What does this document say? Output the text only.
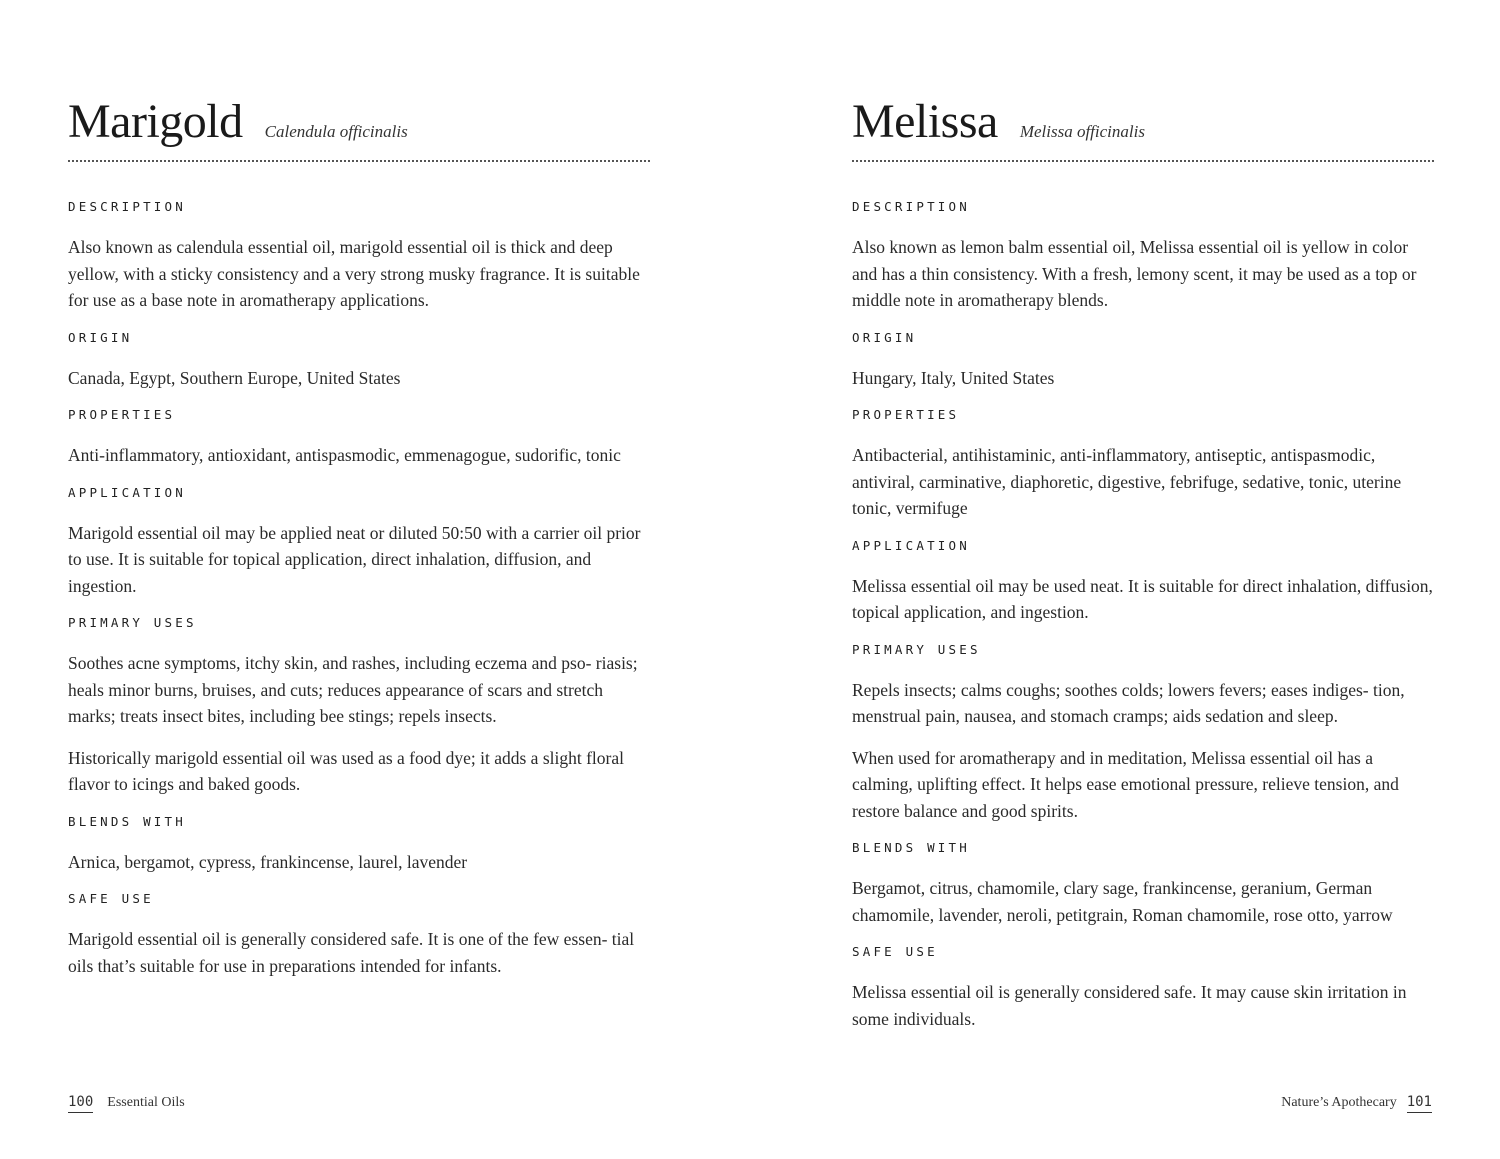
Marigold Calendula officinalis
DESCRIPTION

Also known as calendula essential oil, marigold essential oil is thick and deep yellow, with a sticky consistency and a very strong musky fragrance. It is suitable for use as a base note in aromatherapy applications.

ORIGIN

Canada, Egypt, Southern Europe, United States

PROPERTIES

Anti-inflammatory, antioxidant, antispasmodic, emmenagogue, sudorific, tonic

APPLICATION

Marigold essential oil may be applied neat or diluted 50:50 with a carrier oil prior to use. It is suitable for topical application, direct inhalation, diffusion, and ingestion.

PRIMARY USES

Soothes acne symptoms, itchy skin, and rashes, including eczema and pso- riasis; heals minor burns, bruises, and cuts; reduces appearance of scars and stretch marks; treats insect bites, including bee stings; repels insects.

Historically marigold essential oil was used as a food dye; it adds a slight floral flavor to icings and baked goods.

BLENDS WITH

Arnica, bergamot, cypress, frankincense, laurel, lavender

SAFE USE

Marigold essential oil is generally considered safe. It is one of the few essen- tial oils that’s suitable for use in preparations intended for infants.

Melissa Melissa officinalis
DESCRIPTION

Also known as lemon balm essential oil, Melissa essential oil is yellow in color and has a thin consistency. With a fresh, lemony scent, it may be used as a top or middle note in aromatherapy blends.

ORIGIN

Hungary, Italy, United States

PROPERTIES

Antibacterial, antihistaminic, anti-inflammatory, antiseptic, antispasmodic, antiviral, carminative, diaphoretic, digestive, febrifuge, sedative, tonic, uterine tonic, vermifuge

APPLICATION

Melissa essential oil may be used neat. It is suitable for direct inhalation, diffusion, topical application, and ingestion.

PRIMARY USES

Repels insects; calms coughs; soothes colds; lowers fevers; eases indiges- tion, menstrual pain, nausea, and stomach cramps; aids sedation and sleep.

When used for aromatherapy and in meditation, Melissa essential oil has a calming, uplifting effect. It helps ease emotional pressure, relieve tension, and restore balance and good spirits.

BLENDS WITH

Bergamot, citrus, chamomile, clary sage, frankincense, geranium, German chamomile, lavender, neroli, petitgrain, Roman chamomile, rose otto, yarrow

SAFE USE

Melissa essential oil is generally considered safe. It may cause skin irritation in some individuals.

100 Essential Oils	Nature’s Apothecary 101
